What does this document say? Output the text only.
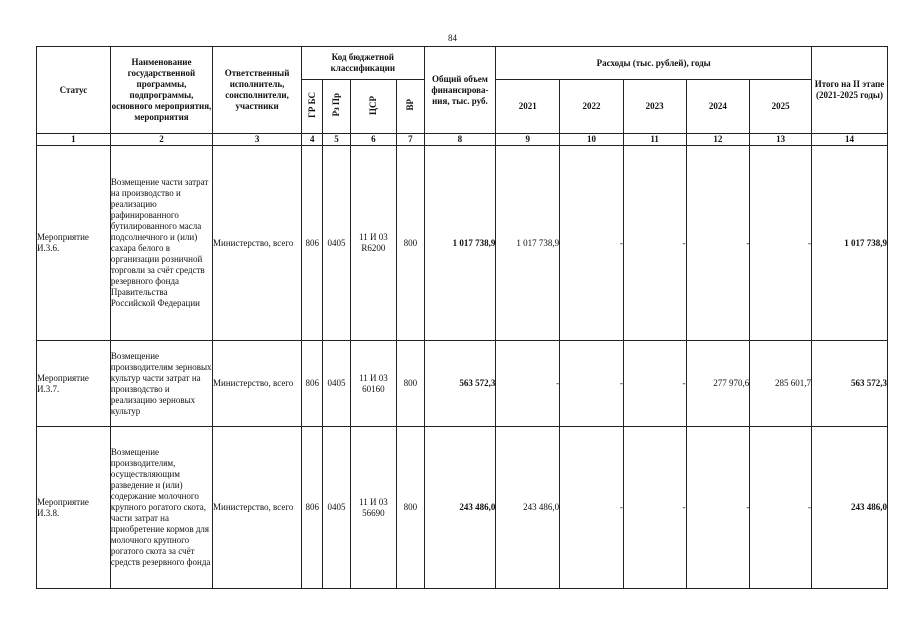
84
Статус	Наименование государственной программы, подпрограммы, основного мероприятия, мероприятия	Ответственный исполнитель, соисполнители, участники	Код бюджетной классификации				Общий объем финансирова-ния, тыс. руб.	Расходы (тыс. рублей), годы					Итого на II этапе (2021-2025 годы)
			ГР БС	Рз Пр	ЦСР	ВР		2021	2022	2023	2024	2025	
1	2	3	4	5	6	7	8	9	10	11	12	13	14
Мероприятие И.3.6.	Возмещение части затрат на производство и реализацию рафинированного бутилированного масла подсолнечного и (или) сахара белого в организации розничной торговли за счёт средств резервного фонда Правительства Российской Федерации	Министерство, всего	806	0405	11 И 03 R6200	800	1 017 738,9	1 017 738,9	-	-	-	-	1 017 738,9
Мероприятие И.3.7.	Возмещение производителям зерновых культур части затрат на производство и реализацию зерновых культур	Министерство, всего	806	0405	11 И 03 60160	800	563 572,3	-	-	-	277 970,6	285 601,7	563 572,3
Мероприятие И.3.8.	Возмещение производителям, осуществляющим разведение и (или) содержание молочного крупного рогатого скота, части затрат на приобретение кормов для молочного крупного рогатого скота за счёт средств резервного фонда	Министерство, всего	806	0405	11 И 03 56690	800	243 486,0	243 486,0	-	-	-	-	243 486,0
